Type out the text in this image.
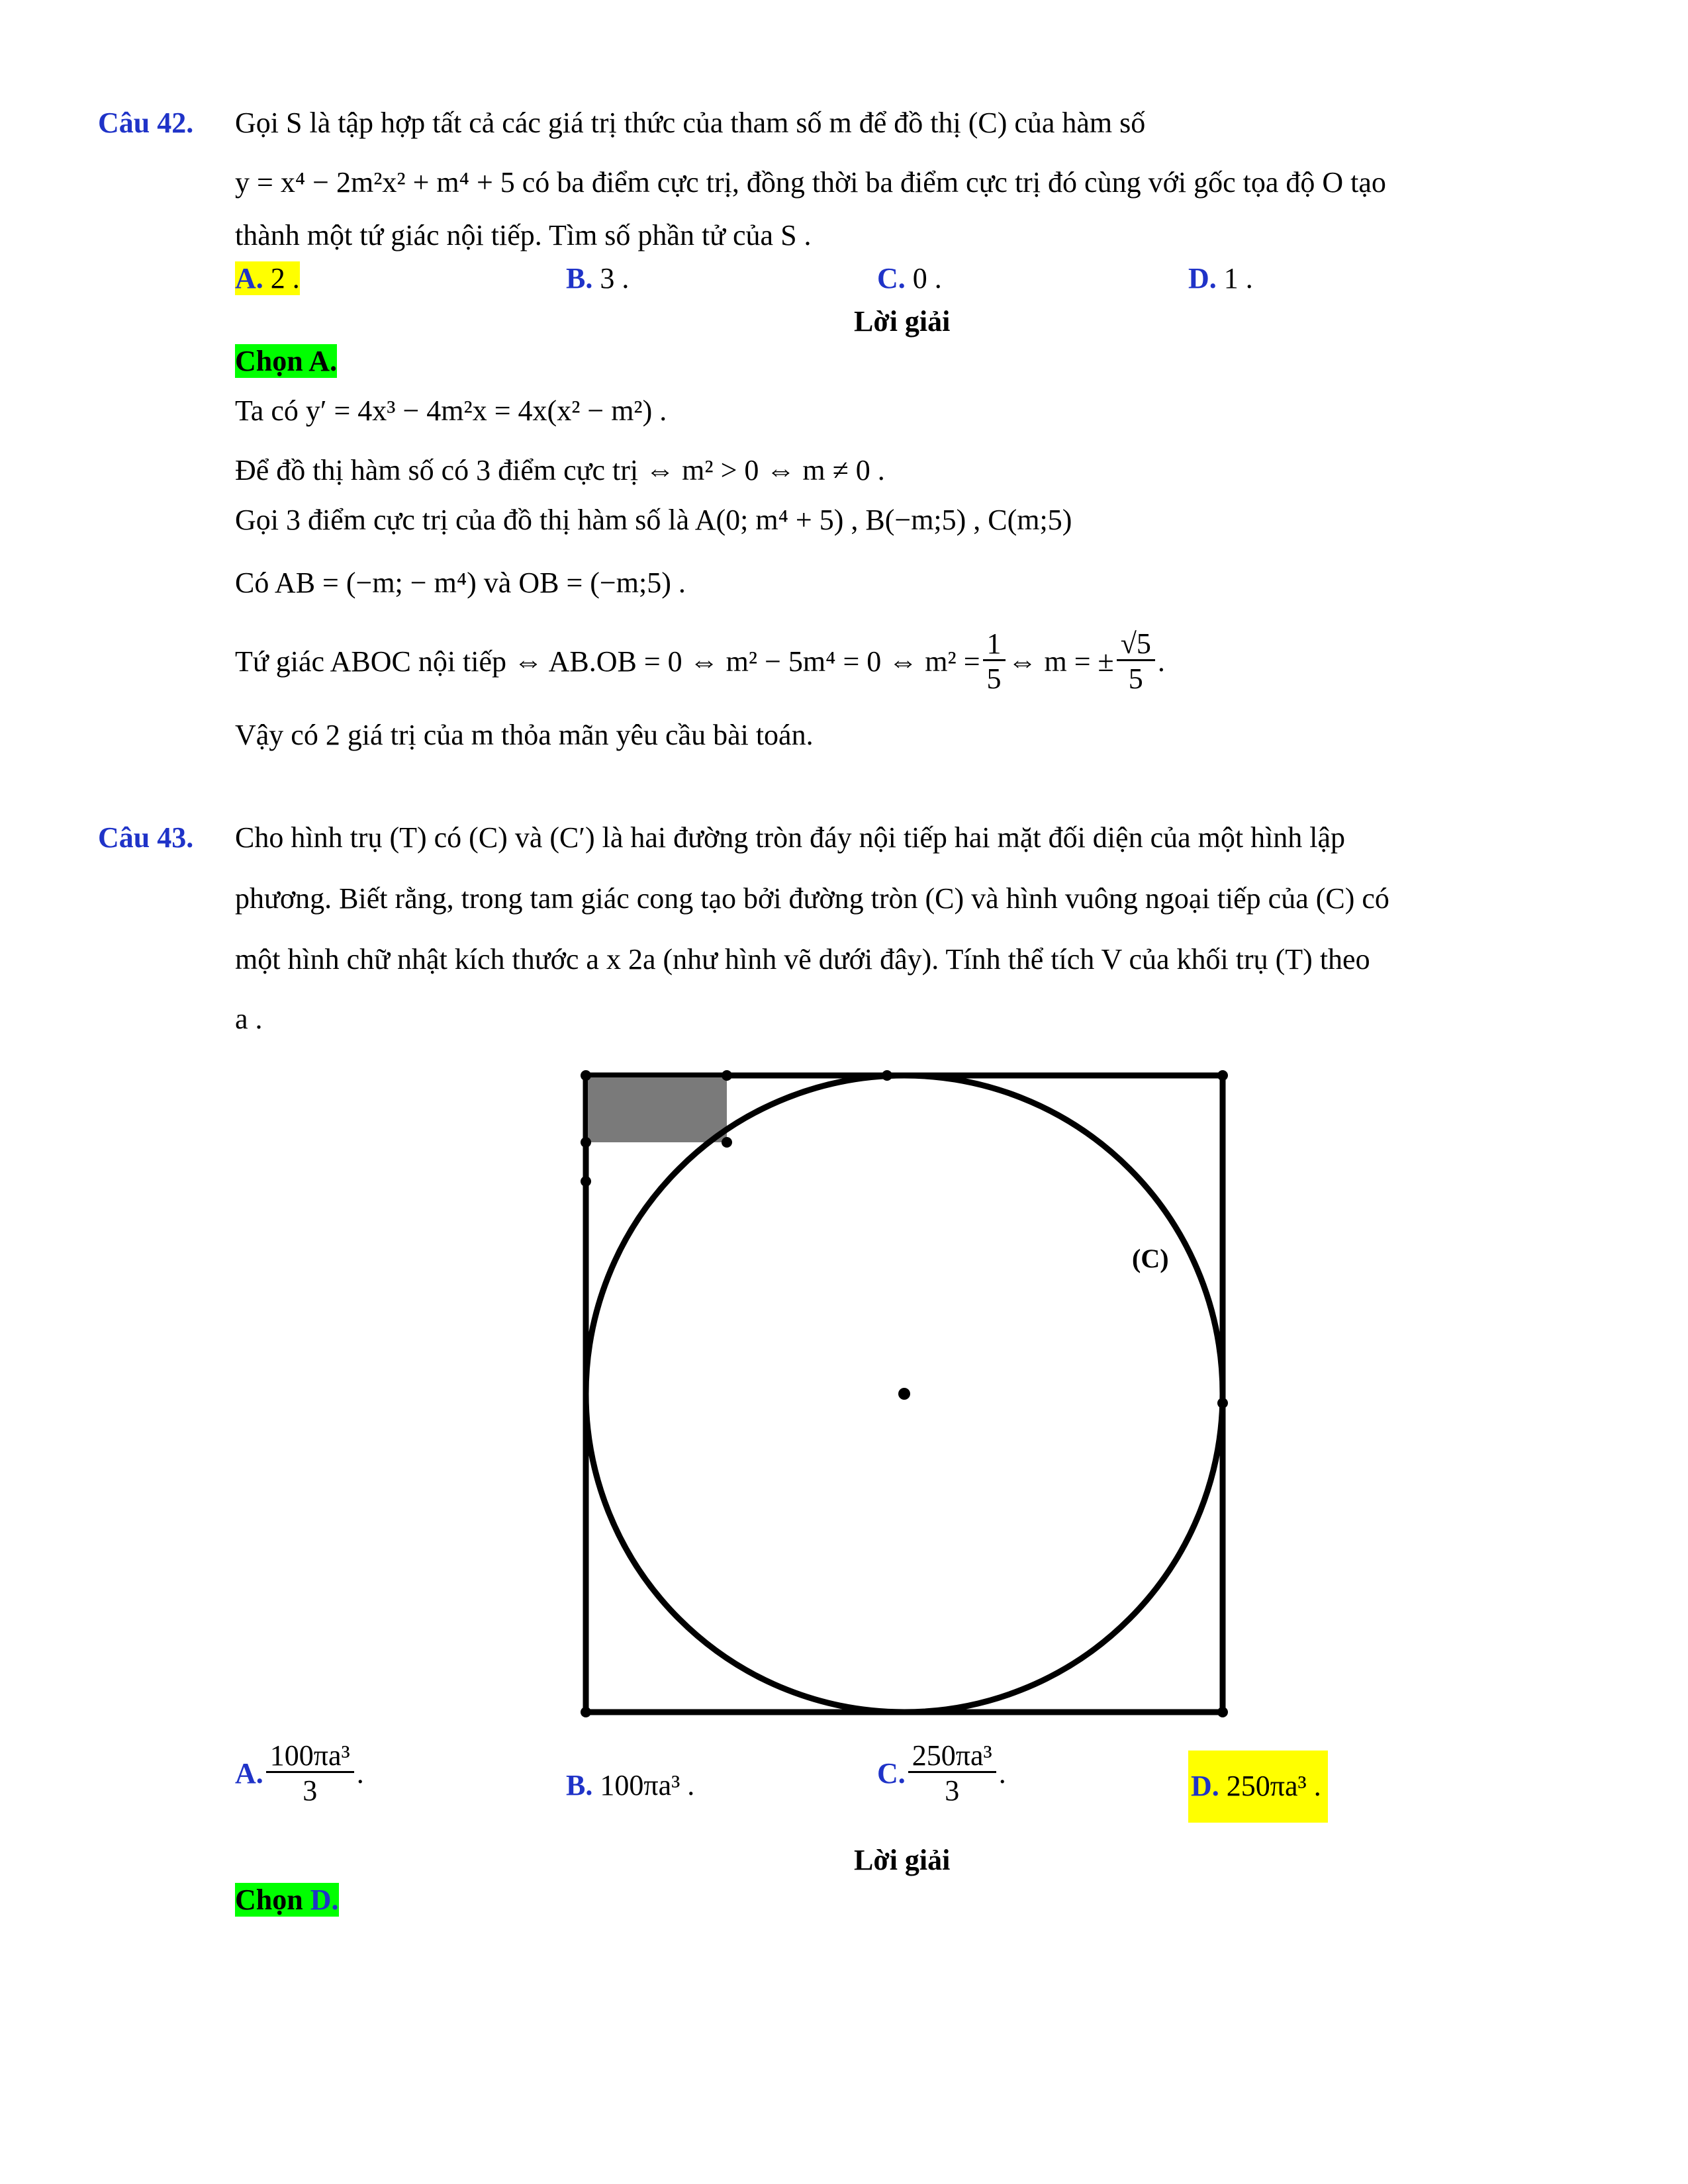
Câu 42. Gọi S là tập hợp tất cả các giá trị thức của tham số m để đồ thị (C) của hàm số
y = x⁴ − 2m²x² + m⁴ + 5 có ba điểm cực trị, đồng thời ba điểm cực trị đó cùng với gốc tọa độ O tạo
thành một tứ giác nội tiếp. Tìm số phần tử của S .
A. 2 .	B. 3 .	C. 0 .	D. 1 .
Lời giải
Chọn A.
Ta có y′ = 4x³ − 4m²x = 4x(x² − m²) .
Để đồ thị hàm số có 3 điểm cực trị ⇔ m² > 0 ⇔ m ≠ 0 .
Gọi 3 điểm cực trị của đồ thị hàm số là A(0; m⁴ + 5) , B(−m;5) , C(m;5)
Có AB = (−m; − m⁴) và OB = (−m;5) .
Tứ giác ABOC nội tiếp ⇔ AB.OB = 0 ⇔ m² − 5m⁴ = 0 ⇔ $m^2 = \frac{1}{5}$ ⇔ m = ± $\frac{√5}{5}$ .
Vậy có 2 giá trị của m thỏa mãn yêu cầu bài toán.
Câu 43. Cho hình trụ (T) có (C) và (C′) là hai đường tròn đáy nội tiếp hai mặt đối diện của một hình lập
phương. Biết rằng, trong tam giác cong tạo bởi đường tròn (C) và hình vuông ngoại tiếp của (C) có
một hình chữ nhật kích thước a x 2a (như hình vẽ dưới đây). Tính thể tích V của khối trụ (T) theo
a .
(C)
A. $\frac{\text{100πa³}}{3}$ .	B. 100πa³ .	C. $\frac{\text{250πa³}}{3}$ .	D. 250πa³ .
Lời giải
Chọn D.
